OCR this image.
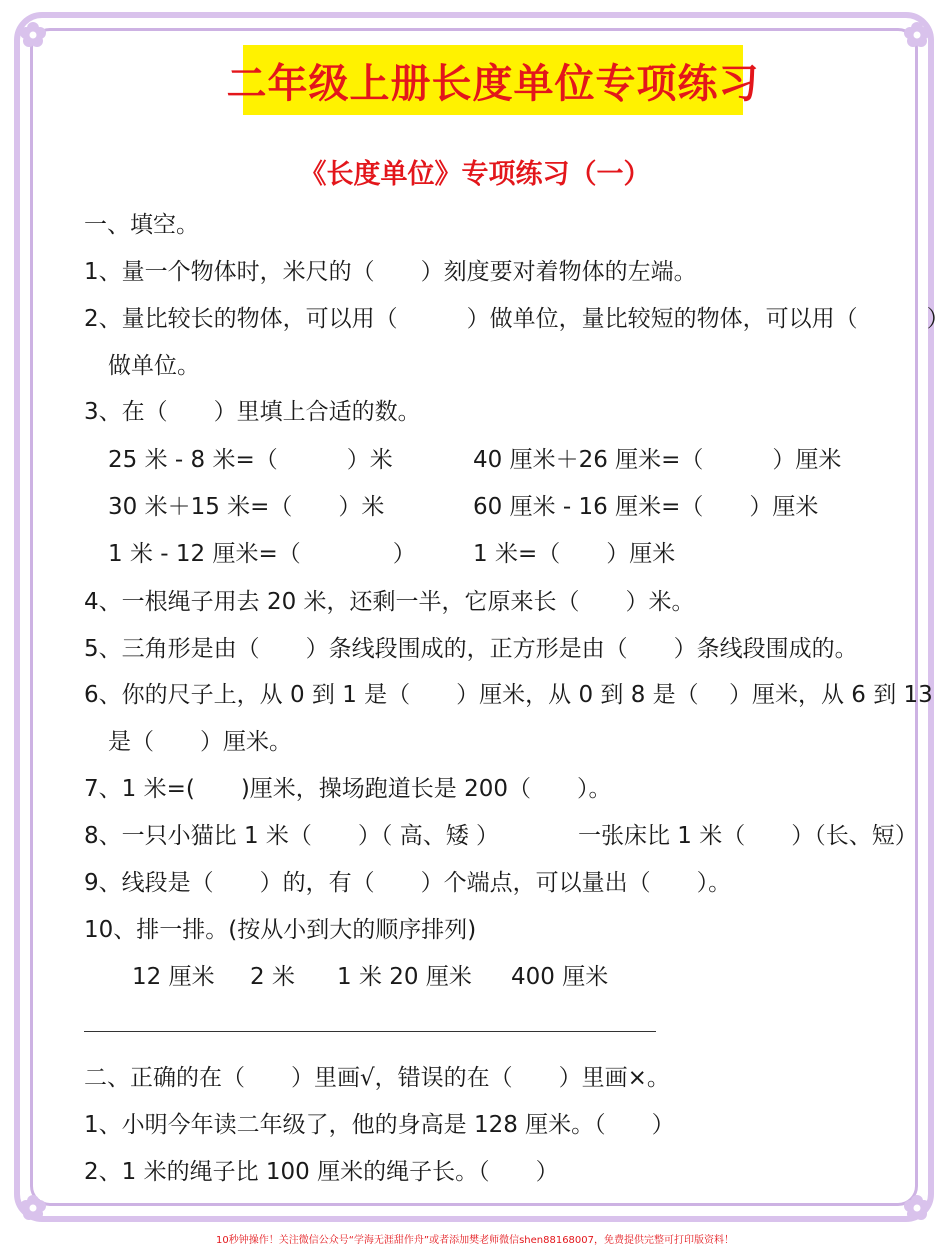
二年级上册长度单位专项练习
《长度单位》专项练习（一）
一、填空。
1、量一个物体时，米尺的（　　）刻度要对着物体的左端。
2、量比较长的物体，可以用（　　　）做单位，量比较短的物体，可以用（　　　）
做单位。
3、在（　　）里填上合适的数。
25 米 - 8 米=（　　　）米	40 厘米＋26 厘米=（　　　）厘米
30 米＋15 米=（　　）米	60 厘米 - 16 厘米=（　　）厘米
1 米 - 12 厘米=（　　　　） 1 米=（　　）厘米
4、一根绳子用去 20 米，还剩一半，它原来长（　　）米。
5、三角形是由（　　）条线段围成的，正方形是由（　　）条线段围成的。
6、你的尺子上，从 0 到 1 是（　　）厘米，从 0 到 8 是（　 ）厘米，从 6 到 13
是（　　）厘米。
7、1 米=(　　)厘米，操场跑道长是 200（　　）。
8、一只小猫比 1 米（　　）（ 高、矮 ）	一张床比 1 米（　　）（长、短）
9、线段是（　　）的，有（　　）个端点，可以量出（　　）。
10、排一排。(按从小到大的顺序排列)
12 厘米 2 米 1 米 20 厘米 400 厘米
二、正确的在（　　）里画√，错误的在（　　）里画×。
1、小明今年读二年级了，他的身高是 128 厘米。（　　）
2、1 米的绳子比 100 厘米的绳子长。（　　）
10秒钟操作！关注微信公众号“学海无涯甜作舟”或者添加樊老师微信shen88168007，免费提供完整可打印版资料！
